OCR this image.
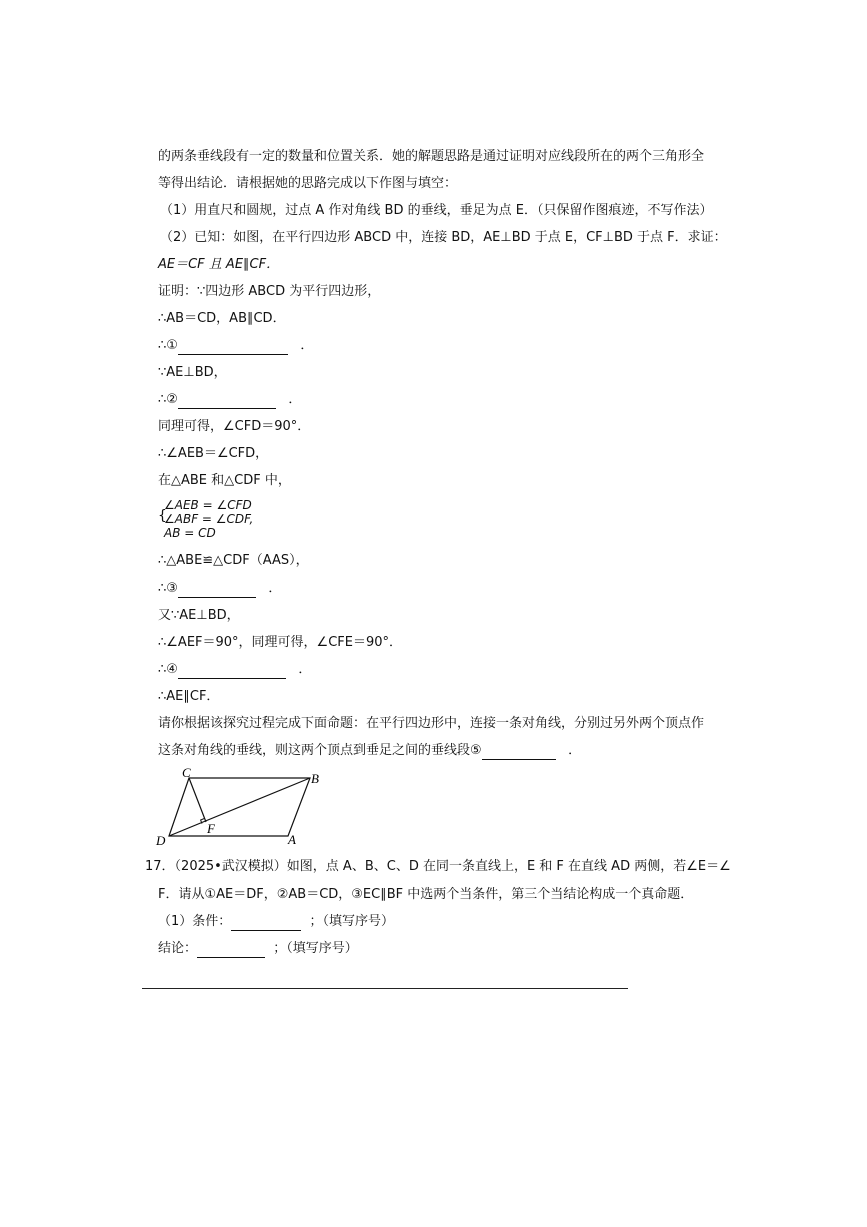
的两条垂线段有一定的数量和位置关系．她的解题思路是通过证明对应线段所在的两个三角形全
等得出结论．请根据她的思路完成以下作图与填空：
（1）用直尺和圆规，过点 A 作对角线 BD 的垂线，垂足为点 E．（只保留作图痕迹，不写作法）
（2）已知：如图，在平行四边形 ABCD 中，连接 BD，AE⊥BD 于点 E，CF⊥BD 于点 F．求证：
AE＝CF 且 AE∥CF．
证明：∵四边形 ABCD 为平行四边形，
∴AB＝CD，AB∥CD．
∴①	．
∵AE⊥BD，
∴②	．
同理可得，∠CFD＝90°．
∴∠AEB＝∠CFD，
在△ABE 和△CDF 中，
{
∠AEB = ∠CFD
∠ABF = ∠CDF,
AB = CD
∴△ABE≌△CDF（AAS），
∴③	．
又∵AE⊥BD，
∴∠AEF＝90°，同理可得，∠CFE＝90°．
∴④	．
∴AE∥CF．
请你根据该探究过程完成下面命题：在平行四边形中，连接一条对角线，分别过另外两个顶点作
这条对角线的垂线，则这两个顶点到垂足之间的垂线段⑤	．
C	B
D	A
F
17．（2025•武汉模拟）如图，点 A、B、C、D 在同一条直线上，E 和 F 在直线 AD 两侧，若∠E＝∠
F．请从①AE＝DF，②AB＝CD，③EC∥BF 中选两个当条件，第三个当结论构成一个真命题．
（1）条件：	；（填写序号）
结论：	；（填写序号）
